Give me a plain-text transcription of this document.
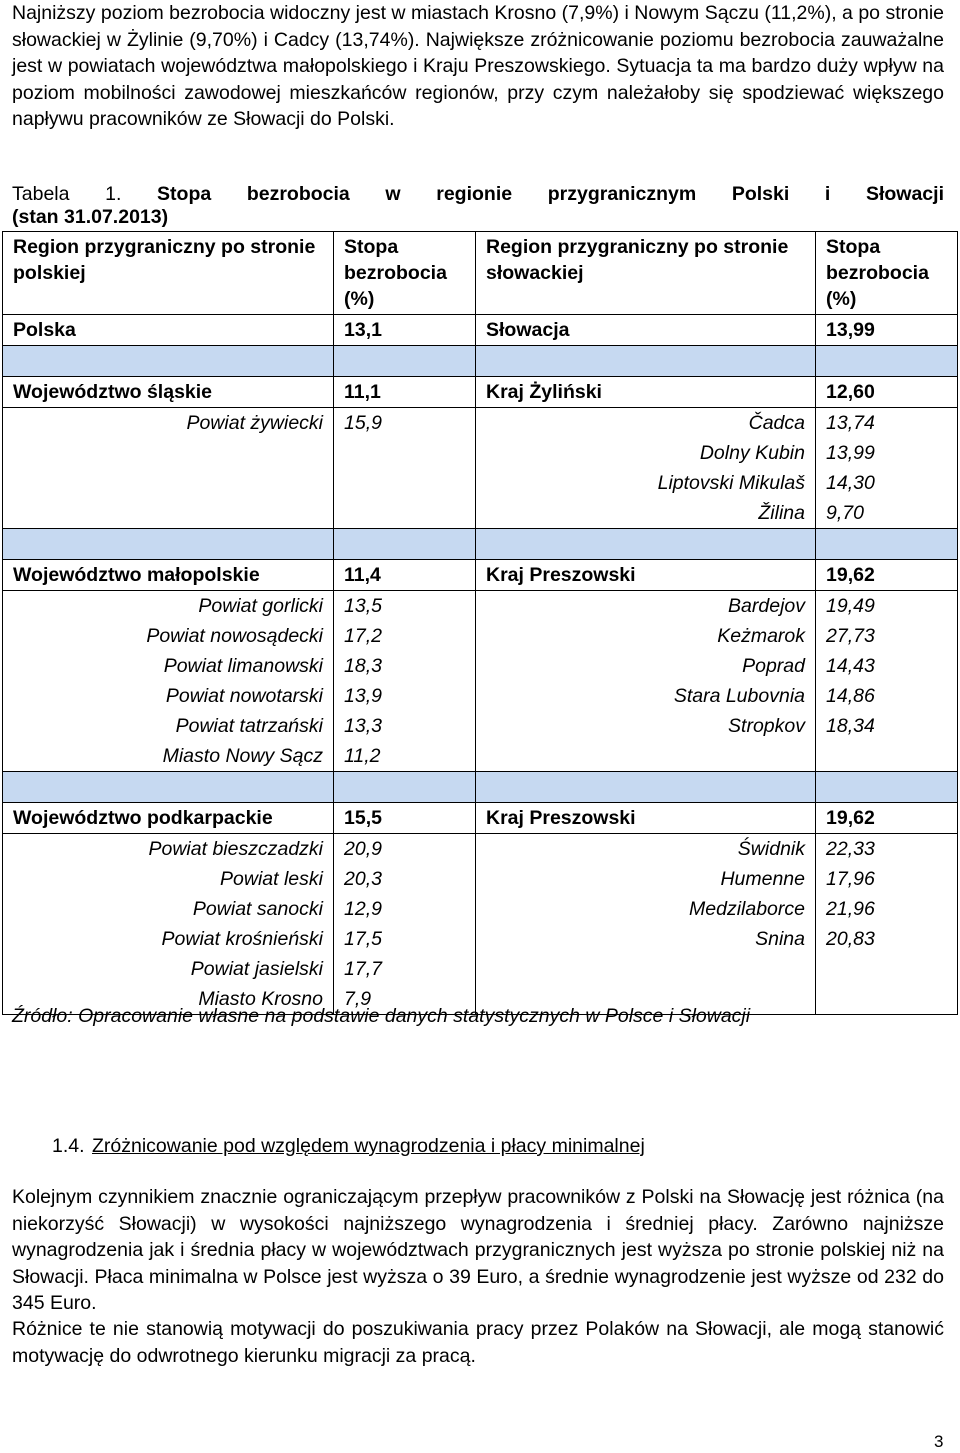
Najniższy poziom bezrobocia widoczny jest w miastach Krosno (7,9%) i Nowym Sączu (11,2%), a po stronie słowackiej w Żylinie (9,70%) i Cadcy (13,74%). Największe zróżnicowanie poziomu bezrobocia zauważalne jest w powiatach województwa małopolskiego i Kraju Preszowskiego. Sytuacja ta ma bardzo duży wpływ na poziom mobilności zawodowej mieszkańców regionów, przy czym należałoby się spodziewać większego napływu pracowników ze Słowacji do Polski.

Tabela 1. Stopa bezrobocia w regionie przygranicznym Polski i Słowacji
(stan 31.07.2013)
Region przygraniczny po stronie polskiej	Stopa bezrobocia (%)	Region przygraniczny po stronie słowackiej	Stopa bezrobocia (%)
Polska	13,1	Słowacja	13,99

Województwo śląskie	11,1	Kraj Żyliński	12,60
Powiat żywiecki	15,9	Čadca	13,74
		Dolny Kubin	13,99
		Liptovski Mikulaš	14,30
		Žilina	9,70

Województwo małopolskie	11,4	Kraj Preszowski	19,62
Powiat gorlicki	13,5	Bardejov	19,49
Powiat nowosądecki	17,2	Keżmarok	27,73
Powiat limanowski	18,3	Poprad	14,43
Powiat nowotarski	13,9	Stara Lubovnia	14,86
Powiat tatrzański	13,3	Stropkov	18,34
Miasto Nowy Sącz	11,2		

Województwo podkarpackie	15,5	Kraj Preszowski	19,62
Powiat bieszczadzki	20,9	Świdnik	22,33
Powiat leski	20,3	Humenne	17,96
Powiat sanocki	12,9	Medzilaborce	21,96
Powiat krośnieński	17,5	Snina	20,83
Powiat jasielski	17,7		
Miasto Krosno	7,9		
Źródło: Opracowanie własne na podstawie danych statystycznych w Polsce i Słowacji
1.4. Zróżnicowanie pod względem wynagrodzenia i płacy minimalnej

Kolejnym czynnikiem znacznie ograniczającym przepływ pracowników z Polski na Słowację jest różnica (na niekorzyść Słowacji) w wysokości najniższego wynagrodzenia i średniej płacy. Zarówno najniższe wynagrodzenia jak i średnia płacy w województwach przygranicznych jest wyższa po stronie polskiej niż na Słowacji. Płaca minimalna w Polsce jest wyższa o 39 Euro, a średnie wynagrodzenie jest wyższe od 232 do 345 Euro.

Różnice te nie stanowią motywacji do poszukiwania pracy przez Polaków na Słowacji, ale mogą stanowić motywację do odwrotnego kierunku migracji za pracą.

3
